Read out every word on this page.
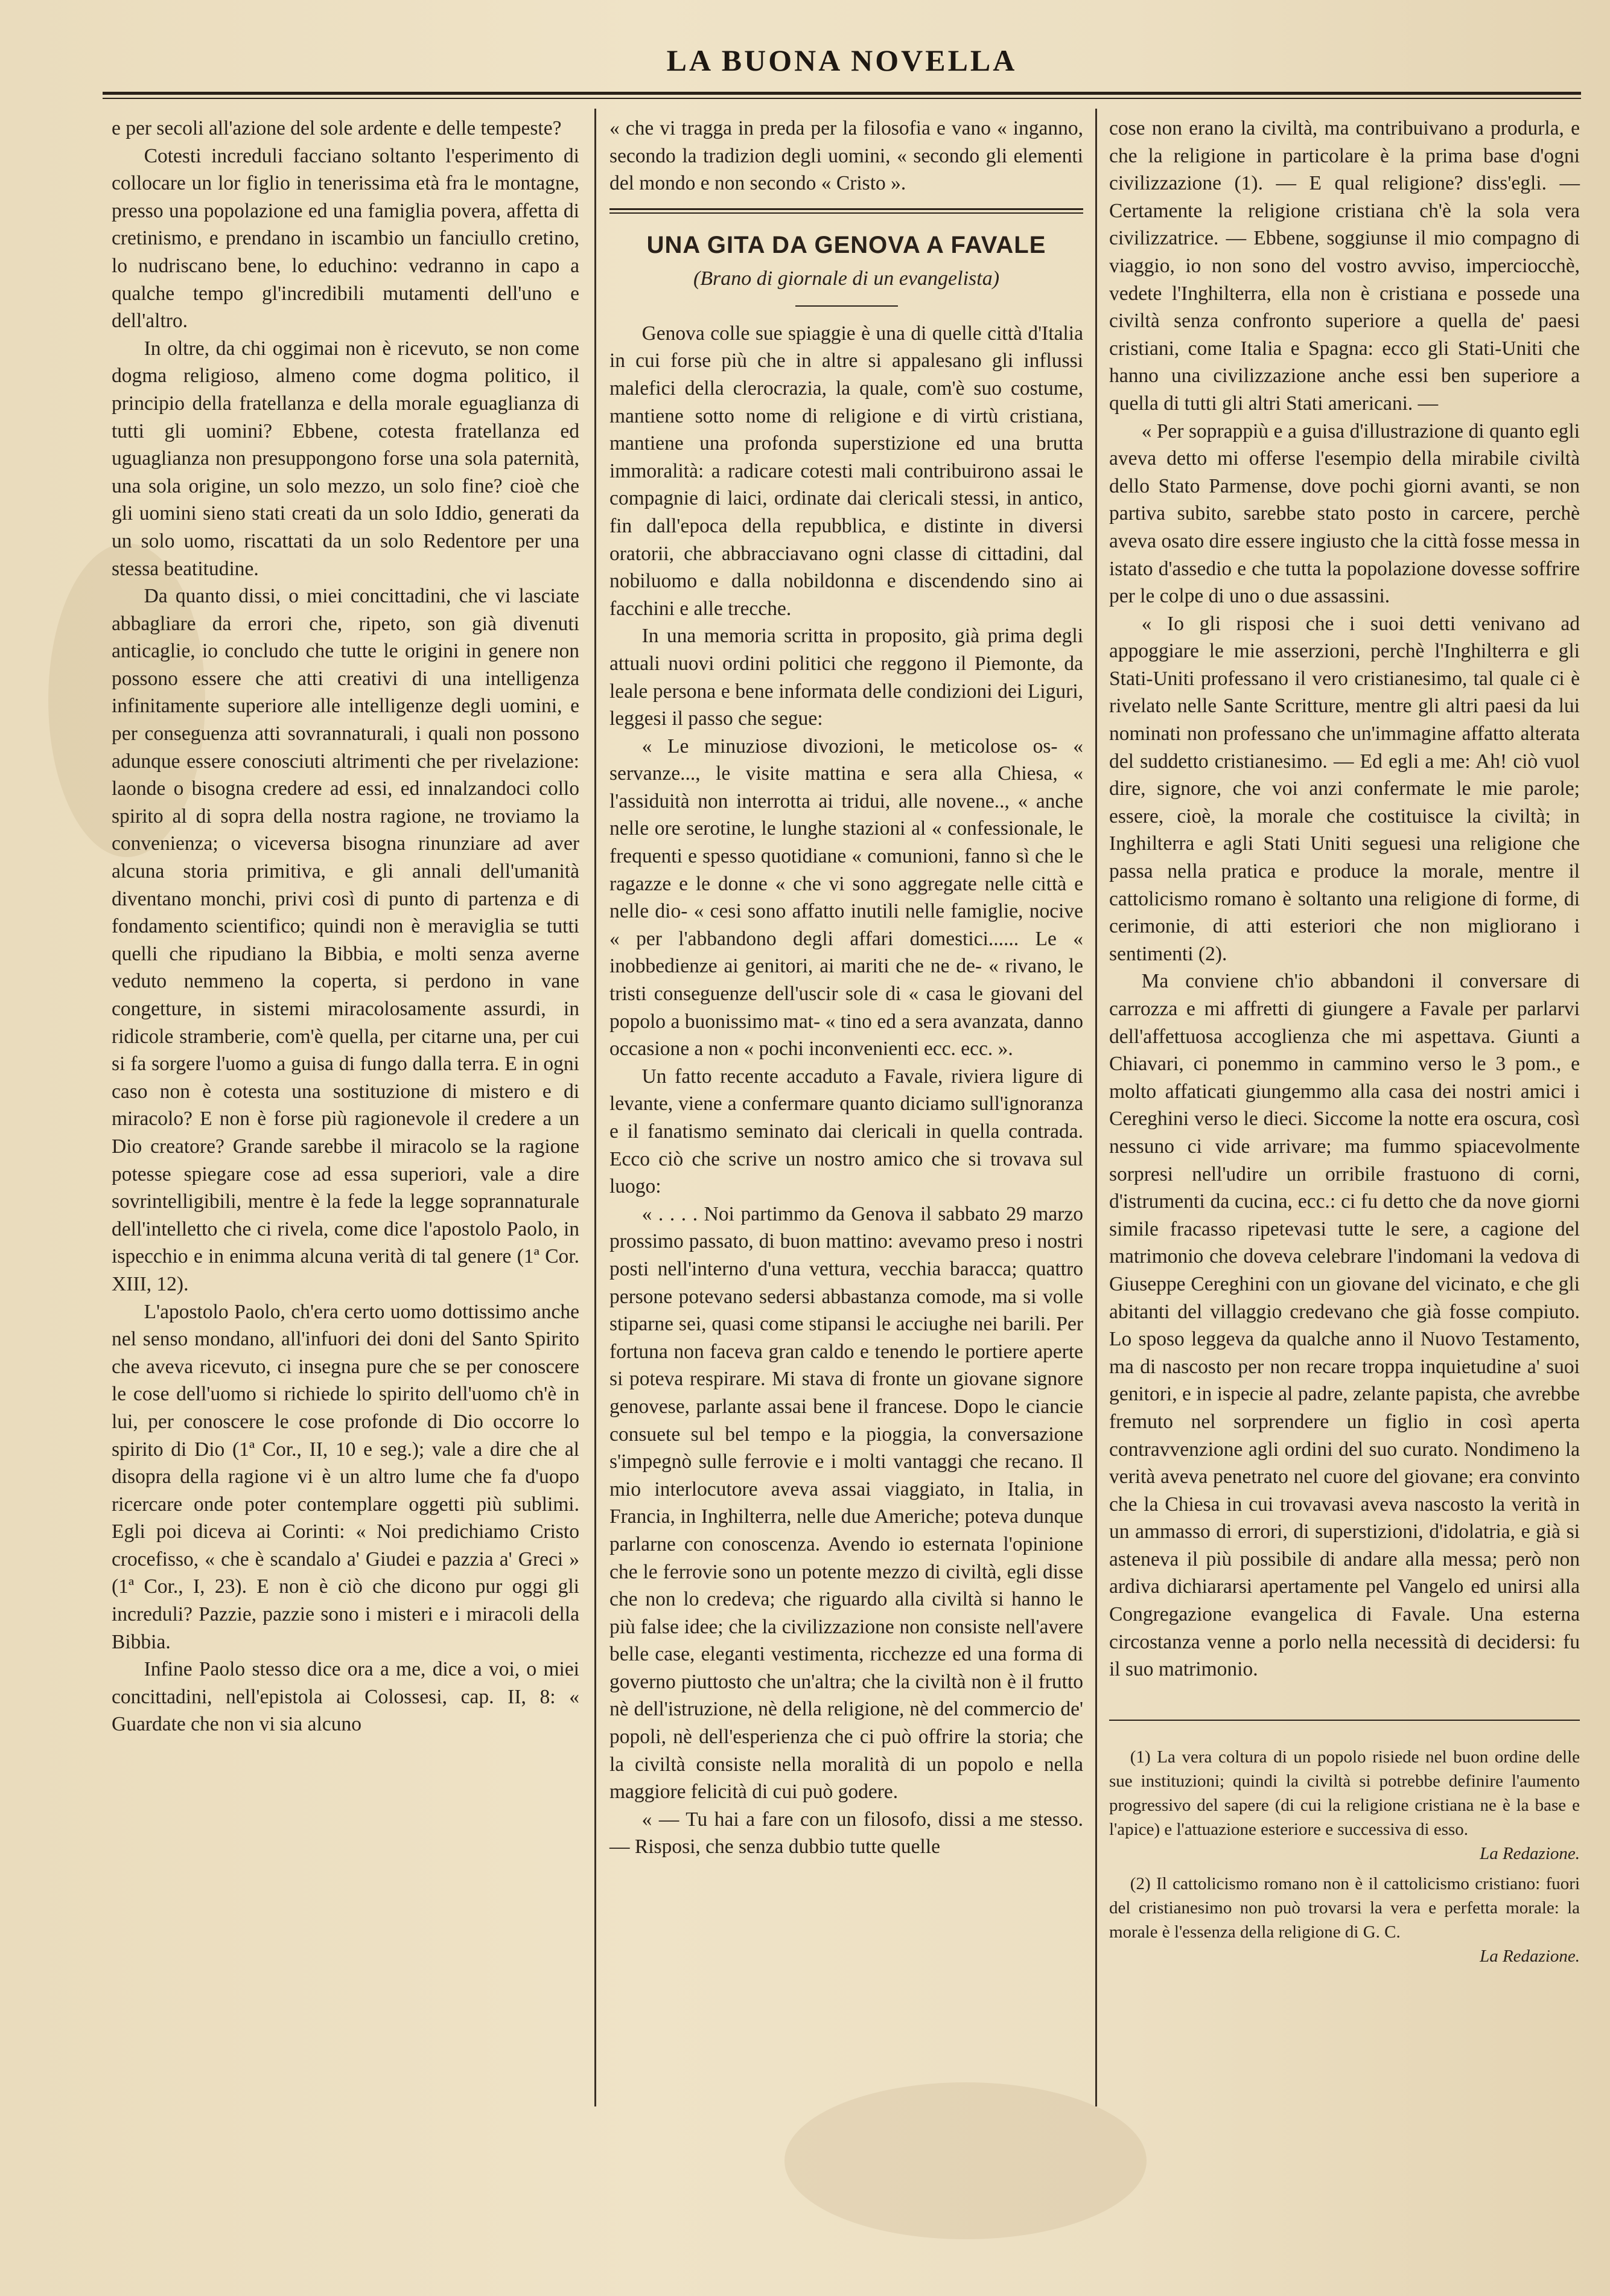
LA BUONA NOVELLA

e per secoli all'azione del sole ardente e delle tempeste?

Cotesti increduli facciano soltanto l'esperimento di collocare un lor figlio in tenerissima età fra le montagne, presso una popolazione ed una famiglia povera, affetta di cretinismo, e prendano in iscambio un fanciullo cretino, lo nudriscano bene, lo educhino: vedranno in capo a qualche tempo gl'incredibili mutamenti dell'uno e dell'altro.

In oltre, da chi oggimai non è ricevuto, se non come dogma religioso, almeno come dogma politico, il principio della fratellanza e della morale eguaglianza di tutti gli uomini? Ebbene, cotesta fratellanza ed uguaglianza non presuppongono forse una sola paternità, una sola origine, un solo mezzo, un solo fine? cioè che gli uomini sieno stati creati da un solo Iddio, generati da un solo uomo, riscattati da un solo Redentore per una stessa beatitudine.

Da quanto dissi, o miei concittadini, che vi lasciate abbagliare da errori che, ripeto, son già divenuti anticaglie, io concludo che tutte le origini in genere non possono essere che atti creativi di una intelligenza infinitamente superiore alle intelligenze degli uomini, e per conseguenza atti sovrannaturali, i quali non possono adunque essere conosciuti altrimenti che per rivelazione: laonde o bisogna credere ad essi, ed innalzandoci collo spirito al di sopra della nostra ragione, ne troviamo la convenienza; o viceversa bisogna rinunziare ad aver alcuna storia primitiva, e gli annali dell'umanità diventano monchi, privi così di punto di partenza e di fondamento scientifico; quindi non è meraviglia se tutti quelli che ripudiano la Bibbia, e molti senza averne veduto nemmeno la coperta, si perdono in vane congetture, in sistemi miracolosamente assurdi, in ridicole stramberie, com'è quella, per citarne una, per cui si fa sorgere l'uomo a guisa di fungo dalla terra. E in ogni caso non è cotesta una sostituzione di mistero e di miracolo? E non è forse più ragionevole il credere a un Dio creatore? Grande sarebbe il miracolo se la ragione potesse spiegare cose ad essa superiori, vale a dire sovrintelligibili, mentre è la fede la legge soprannaturale dell'intelletto che ci rivela, come dice l'apostolo Paolo, in ispecchio e in enimma alcuna verità di tal genere (1ª Cor. XIII, 12).

L'apostolo Paolo, ch'era certo uomo dottissimo anche nel senso mondano, all'infuori dei doni del Santo Spirito che aveva ricevuto, ci insegna pure che se per conoscere le cose dell'uomo si richiede lo spirito dell'uomo ch'è in lui, per conoscere le cose profonde di Dio occorre lo spirito di Dio (1ª Cor., II, 10 e seg.); vale a dire che al disopra della ragione vi è un altro lume che fa d'uopo ricercare onde poter contemplare oggetti più sublimi. Egli poi diceva ai Corinti: « Noi predichiamo Cristo crocefisso, « che è scandalo a' Giudei e pazzia a' Greci » (1ª Cor., I, 23). E non è ciò che dicono pur oggi gli increduli? Pazzie, pazzie sono i misteri e i miracoli della Bibbia.

Infine Paolo stesso dice ora a me, dice a voi, o miei concittadini, nell'epistola ai Colossesi, cap. II, 8: « Guardate che non vi sia alcuno

« che vi tragga in preda per la filosofia e vano « inganno, secondo la tradizion degli uomini, « secondo gli elementi del mondo e non secondo « Cristo ».

UNA GITA DA GENOVA A FAVALE
(Brano di giornale di un evangelista)

Genova colle sue spiaggie è una di quelle città d'Italia in cui forse più che in altre si appalesano gli influssi malefici della clerocrazia, la quale, com'è suo costume, mantiene sotto nome di religione e di virtù cristiana, mantiene una profonda superstizione ed una brutta immoralità: a radicare cotesti mali contribuirono assai le compagnie di laici, ordinate dai clericali stessi, in antico, fin dall'epoca della repubblica, e distinte in diversi oratorii, che abbracciavano ogni classe di cittadini, dal nobiluomo e dalla nobildonna e discendendo sino ai facchini e alle trecche.

In una memoria scritta in proposito, già prima degli attuali nuovi ordini politici che reggono il Piemonte, da leale persona e bene informata delle condizioni dei Liguri, leggesi il passo che segue:

« Le minuziose divozioni, le meticolose os- « servanze..., le visite mattina e sera alla Chiesa, « l'assiduità non interrotta ai tridui, alle novene.., « anche nelle ore serotine, le lunghe stazioni al « confessionale, le frequenti e spesso quotidiane « comunioni, fanno sì che le ragazze e le donne « che vi sono aggregate nelle città e nelle dio- « cesi sono affatto inutili nelle famiglie, nocive « per l'abbandono degli affari domestici...... Le « inobbedienze ai genitori, ai mariti che ne de- « rivano, le tristi conseguenze dell'uscir sole di « casa le giovani del popolo a buonissimo mat- « tino ed a sera avanzata, danno occasione a non « pochi inconvenienti ecc. ecc. ».

Un fatto recente accaduto a Favale, riviera ligure di levante, viene a confermare quanto diciamo sull'ignoranza e il fanatismo seminato dai clericali in quella contrada. Ecco ciò che scrive un nostro amico che si trovava sul luogo:

« . . . . Noi partimmo da Genova il sabbato 29 marzo prossimo passato, di buon mattino: avevamo preso i nostri posti nell'interno d'una vettura, vecchia baracca; quattro persone potevano sedersi abbastanza comode, ma si volle stiparne sei, quasi come stipansi le acciughe nei barili. Per fortuna non faceva gran caldo e tenendo le portiere aperte si poteva respirare. Mi stava di fronte un giovane signore genovese, parlante assai bene il francese. Dopo le ciancie consuete sul bel tempo e la pioggia, la conversazione s'impegnò sulle ferrovie e i molti vantaggi che recano. Il mio interlocutore aveva assai viaggiato, in Italia, in Francia, in Inghilterra, nelle due Americhe; poteva dunque parlarne con conoscenza. Avendo io esternata l'opinione che le ferrovie sono un potente mezzo di civiltà, egli disse che non lo credeva; che riguardo alla civiltà si hanno le più false idee; che la civilizzazione non consiste nell'avere belle case, eleganti vestimenta, ricchezze ed una forma di governo piuttosto che un'altra; che la civiltà non è il frutto nè dell'istruzione, nè della religione, nè del commercio de' popoli, nè dell'esperienza che ci può offrire la storia; che la civiltà consiste nella moralità di un popolo e nella maggiore felicità di cui può godere.

« — Tu hai a fare con un filosofo, dissi a me stesso. — Risposi, che senza dubbio tutte quelle

cose non erano la civiltà, ma contribuivano a produrla, e che la religione in particolare è la prima base d'ogni civilizzazione (1). — E qual religione? diss'egli. — Certamente la religione cristiana ch'è la sola vera civilizzatrice. — Ebbene, soggiunse il mio compagno di viaggio, io non sono del vostro avviso, imperciocchè, vedete l'Inghilterra, ella non è cristiana e possede una civiltà senza confronto superiore a quella de' paesi cristiani, come Italia e Spagna: ecco gli Stati-Uniti che hanno una civilizzazione anche essi ben superiore a quella di tutti gli altri Stati americani. —

« Per soprappiù e a guisa d'illustrazione di quanto egli aveva detto mi offerse l'esempio della mirabile civiltà dello Stato Parmense, dove pochi giorni avanti, se non partiva subito, sarebbe stato posto in carcere, perchè aveva osato dire essere ingiusto che la città fosse messa in istato d'assedio e che tutta la popolazione dovesse soffrire per le colpe di uno o due assassini.

« Io gli risposi che i suoi detti venivano ad appoggiare le mie asserzioni, perchè l'Inghilterra e gli Stati-Uniti professano il vero cristianesimo, tal quale ci è rivelato nelle Sante Scritture, mentre gli altri paesi da lui nominati non professano che un'immagine affatto alterata del suddetto cristianesimo. — Ed egli a me: Ah! ciò vuol dire, signore, che voi anzi confermate le mie parole; essere, cioè, la morale che costituisce la civiltà; in Inghilterra e agli Stati Uniti seguesi una religione che passa nella pratica e produce la morale, mentre il cattolicismo romano è soltanto una religione di forme, di cerimonie, di atti esteriori che non migliorano i sentimenti (2).

Ma conviene ch'io abbandoni il conversare di carrozza e mi affretti di giungere a Favale per parlarvi dell'affettuosa accoglienza che mi aspettava. Giunti a Chiavari, ci ponemmo in cammino verso le 3 pom., e molto affaticati giungemmo alla casa dei nostri amici i Cereghini verso le dieci. Siccome la notte era oscura, così nessuno ci vide arrivare; ma fummo spiacevolmente sorpresi nell'udire un orribile frastuono di corni, d'istrumenti da cucina, ecc.: ci fu detto che da nove giorni simile fracasso ripetevasi tutte le sere, a cagione del matrimonio che doveva celebrare l'indomani la vedova di Giuseppe Cereghini con un giovane del vicinato, e che gli abitanti del villaggio credevano che già fosse compiuto. Lo sposo leggeva da qualche anno il Nuovo Testamento, ma di nascosto per non recare troppa inquietudine a' suoi genitori, e in ispecie al padre, zelante papista, che avrebbe fremuto nel sorprendere un figlio in così aperta contravvenzione agli ordini del suo curato. Nondimeno la verità aveva penetrato nel cuore del giovane; era convinto che la Chiesa in cui trovavasi aveva nascosto la verità in un ammasso di errori, di superstizioni, d'idolatria, e già si asteneva il più possibile di andare alla messa; però non ardiva dichiararsi apertamente pel Vangelo ed unirsi alla Congregazione evangelica di Favale. Una esterna circostanza venne a porlo nella necessità di decidersi: fu il suo matrimonio.

(1) La vera coltura di un popolo risiede nel buon ordine delle sue instituzioni; quindi la civiltà si potrebbe definire l'aumento progressivo del sapere (di cui la religione cristiana ne è la base e l'apice) e l'attuazione esteriore e successiva di esso.
La Redazione.

(2) Il cattolicismo romano non è il cattolicismo cristiano: fuori del cristianesimo non può trovarsi la vera e perfetta morale: la morale è l'essenza della religione di G. C.
La Redazione.
